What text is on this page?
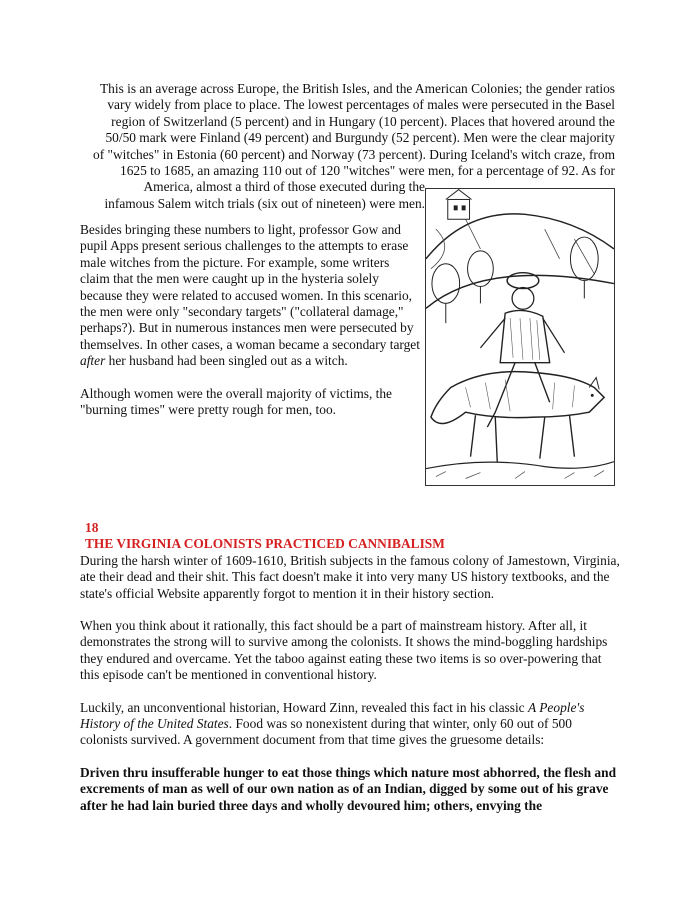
This is an average across Europe, the British Isles, and the American Colonies; the gender ratios
vary widely from place to place. The lowest percentages of males were persecuted in the Basel
region of Switzerland (5 percent) and in Hungary (10 percent). Places that hovered around the
50/50 mark were Finland (49 percent) and Burgundy (52 percent). Men were the clear majority
of "witches" in Estonia (60 percent) and Norway (73 percent). During Iceland's witch craze, from
1625 to 1685, an amazing 110 out of 120 "witches" were men, for a percentage of 92. As for
America, almost a third of those executed during the
infamous Salem witch trials (six out of nineteen) were men.

Besides bringing these numbers to light, professor Gow and pupil Apps present serious challenges to the attempts to erase male witches from the picture. For example, some writers claim that the men were caught up in the hysteria solely because they were related to accused women. In this scenario, the men were only "secondary targets" ("collateral damage," perhaps?). But in numerous instances men were persecuted by themselves. In other cases, a woman became a secondary target after her husband had been singled out as a witch.

Although women were the overall majority of victims, the "burning times" were pretty rough for men, too.

18
THE VIRGINIA COLONISTS PRACTICED CANNIBALISM

During the harsh winter of 1609-1610, British subjects in the famous colony of Jamestown, Virginia, ate their dead and their shit. This fact doesn't make it into very many US history textbooks, and the state's official Website apparently forgot to mention it in their history section.

When you think about it rationally, this fact should be a part of mainstream history. After all, it demonstrates the strong will to survive among the colonists. It shows the mind-boggling hardships they endured and overcame. Yet the taboo against eating these two items is so over-powering that this episode can't be mentioned in conventional history.

Luckily, an unconventional historian, Howard Zinn, revealed this fact in his classic A People's History of the United States. Food was so nonexistent during that winter, only 60 out of 500 colonists survived. A government document from that time gives the gruesome details:

Driven thru insufferable hunger to eat those things which nature most abhorred, the flesh and excrements of man as well of our own nation as of an Indian, digged by some out of his grave after he had lain buried three days and wholly devoured him; others, envying the
